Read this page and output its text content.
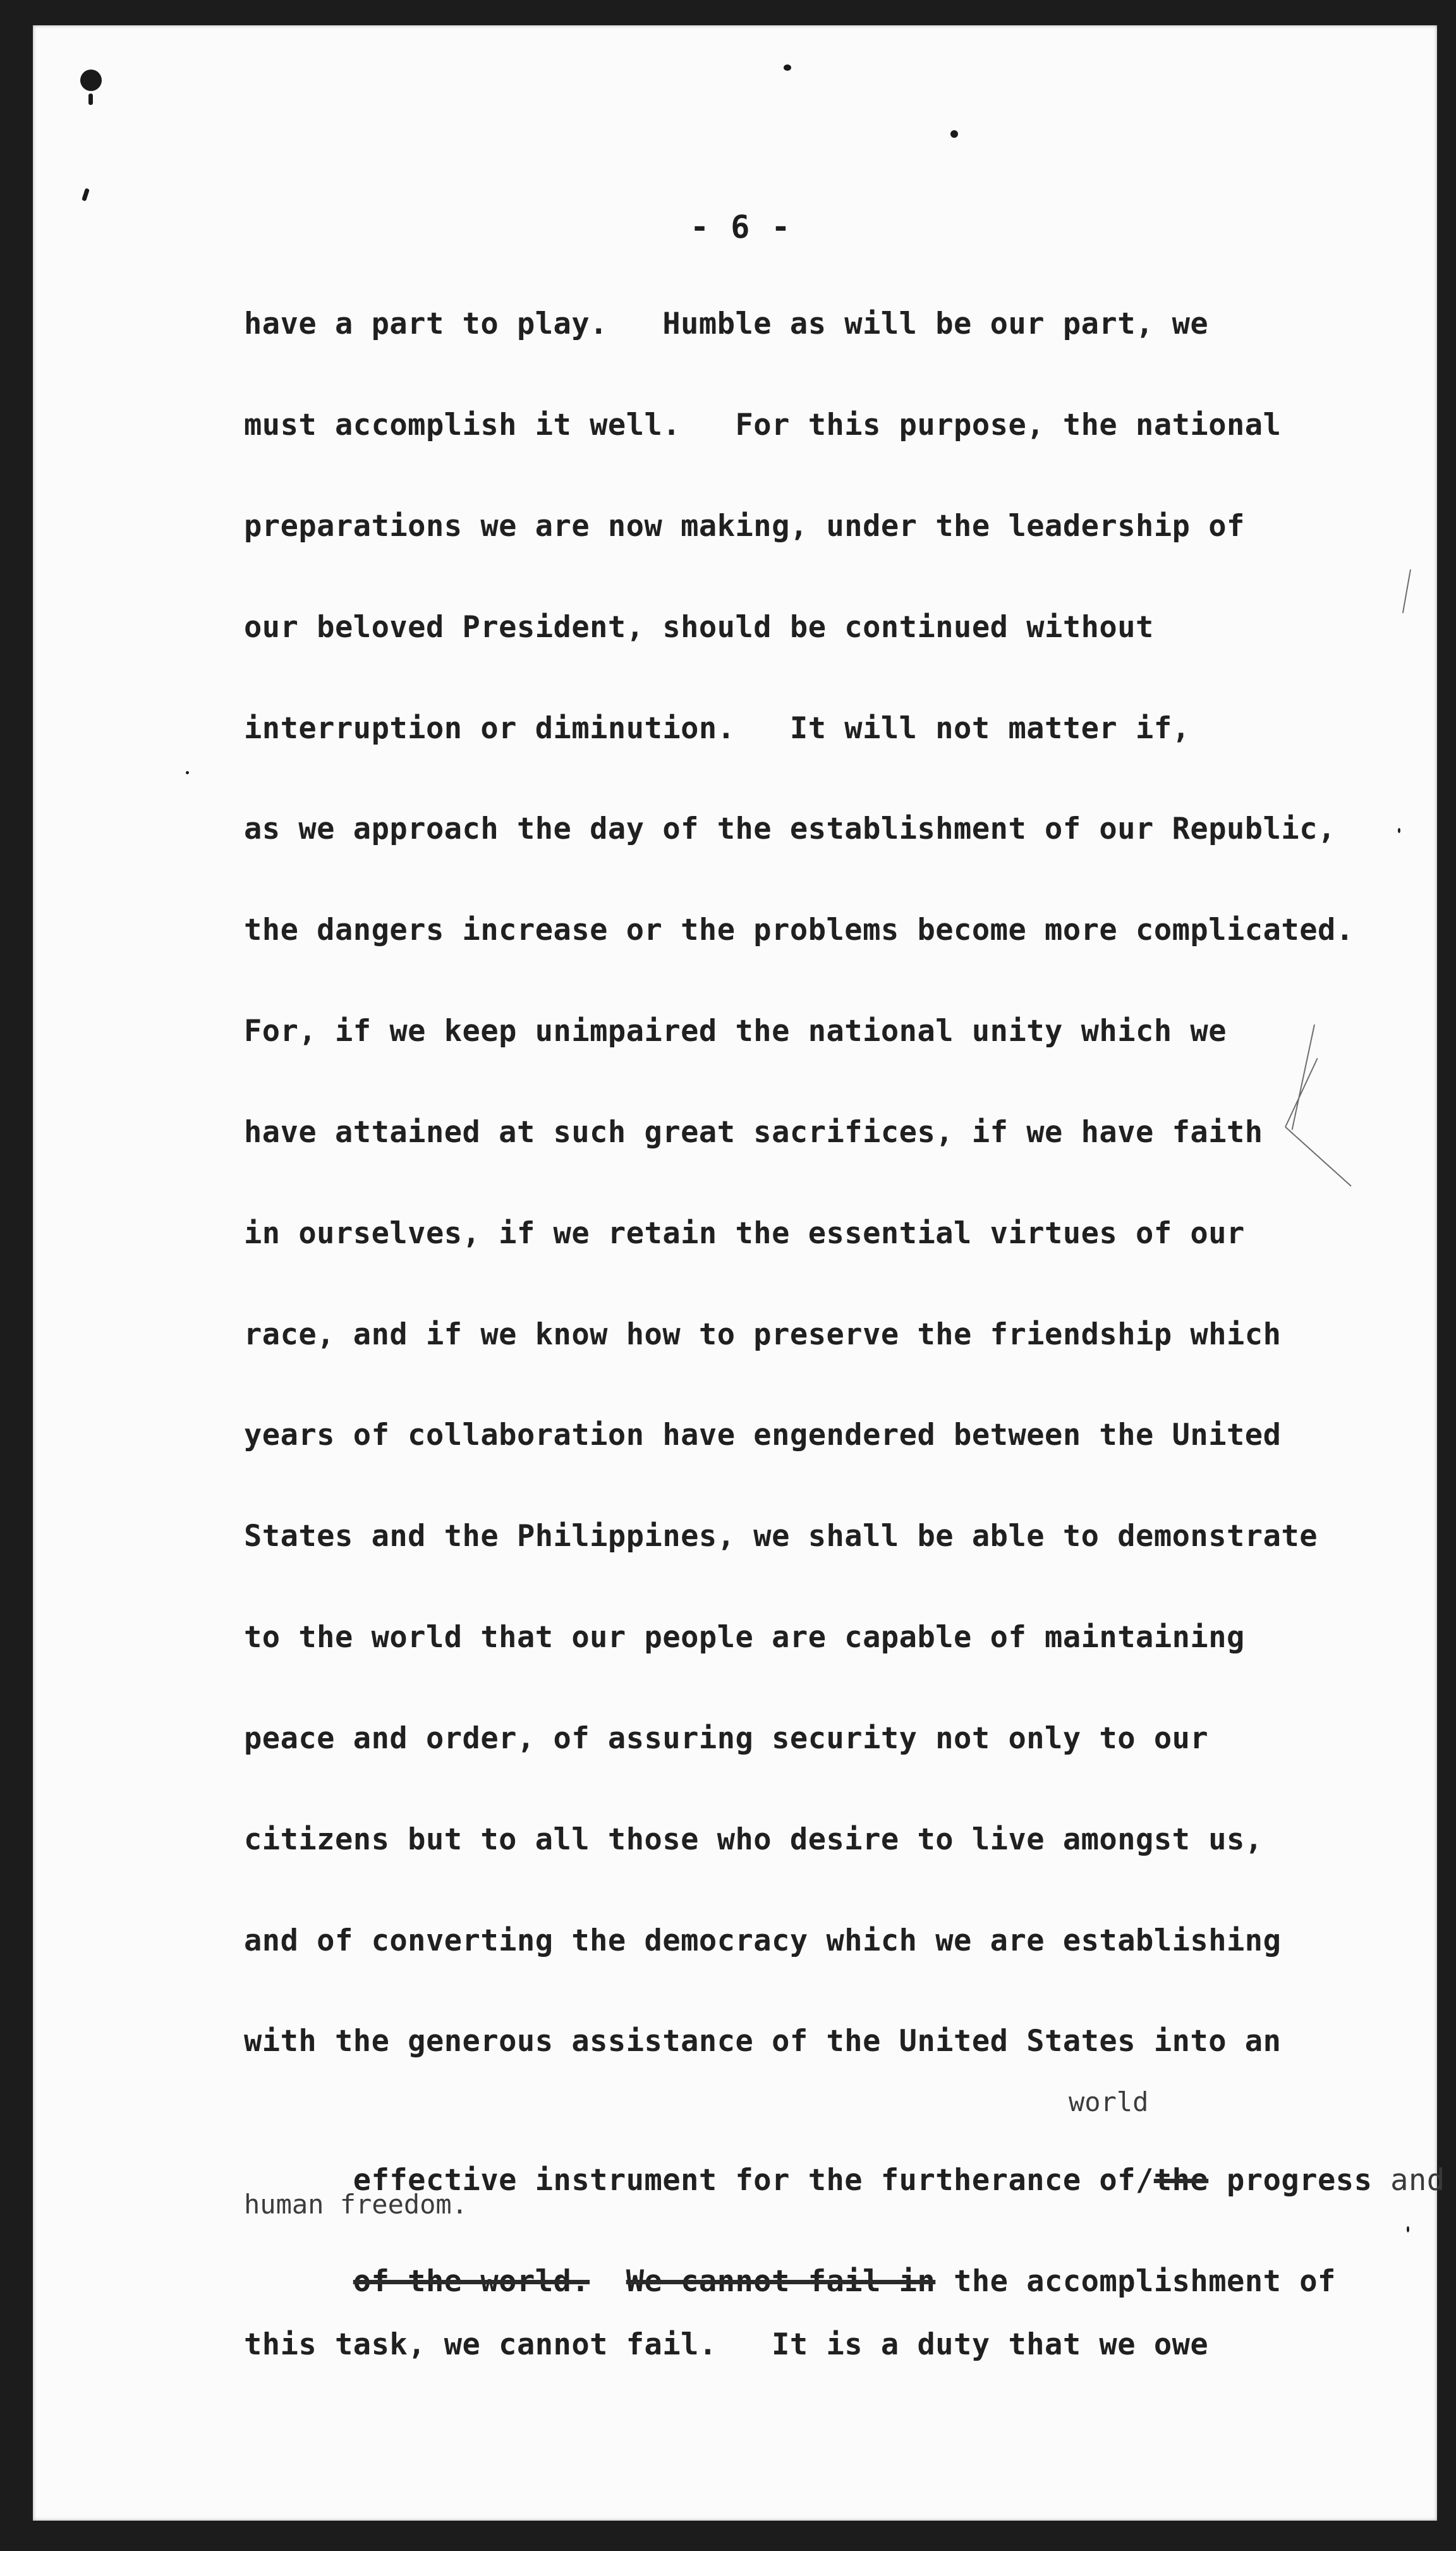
- 6 -
have a part to play.   Humble as will be our part, we
must accomplish it well.   For this purpose, the national
preparations we are now making, under the leadership of
our beloved President, should be continued without
interruption or diminution.   It will not matter if,
as we approach the day of the establishment of our Republic,
the dangers increase or the problems become more complicated.
For, if we keep unimpaired the national unity which we
have attained at such great sacrifices, if we have faith
in ourselves, if we retain the essential virtues of our
race, and if we know how to preserve the friendship which
years of collaboration have engendered between the United
States and the Philippines, we shall be able to demonstrate
to the world that our people are capable of maintaining
peace and order, of assuring security not only to our
citizens but to all those who desire to live amongst us,
and of converting the democracy which we are establishing
with the generous assistance of the United States into an
world

effective instrument for the furtherance of/the progress and

human freedom.

of the world. We cannot fail in the accomplishment of

this task, we cannot fail.   It is a duty that we owe
